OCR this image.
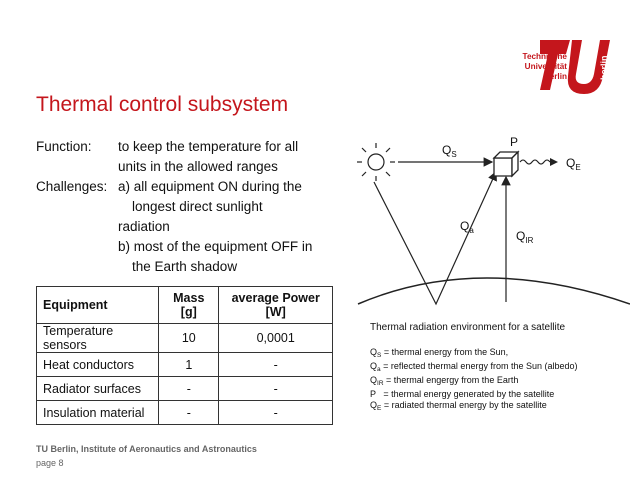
berlin
Technische
Universität
Berlin
Thermal control subsystem
Function: to keep the temperature for all
units in the allowed ranges
Challenges: a) all equipment ON during the
longest direct sunlight
radiation
b) most of the equipment OFF in
the Earth shadow
Equipment	Mass [g]	average Power [W]
Temperature sensors	10	0,0001
Heat conductors	1	-
Radiator surfaces	-	-
Insulation material	-	-
$Q_S$
P
$Q_E$
$Q_a$	$Q_{IR}$
Thermal radiation environment for a satellite
$Q_S$ = thermal energy from the Sun,
$Q_a$ = reflected thermal energy from the Sun (albedo)
$Q_{IR}$ = thermal engergy from the Earth
P   = thermal energy generated by the satellite
$Q_E$ = radiated thermal energy by the satellite
TU Berlin, Institute of Aeronautics and Astronautics
page 8
